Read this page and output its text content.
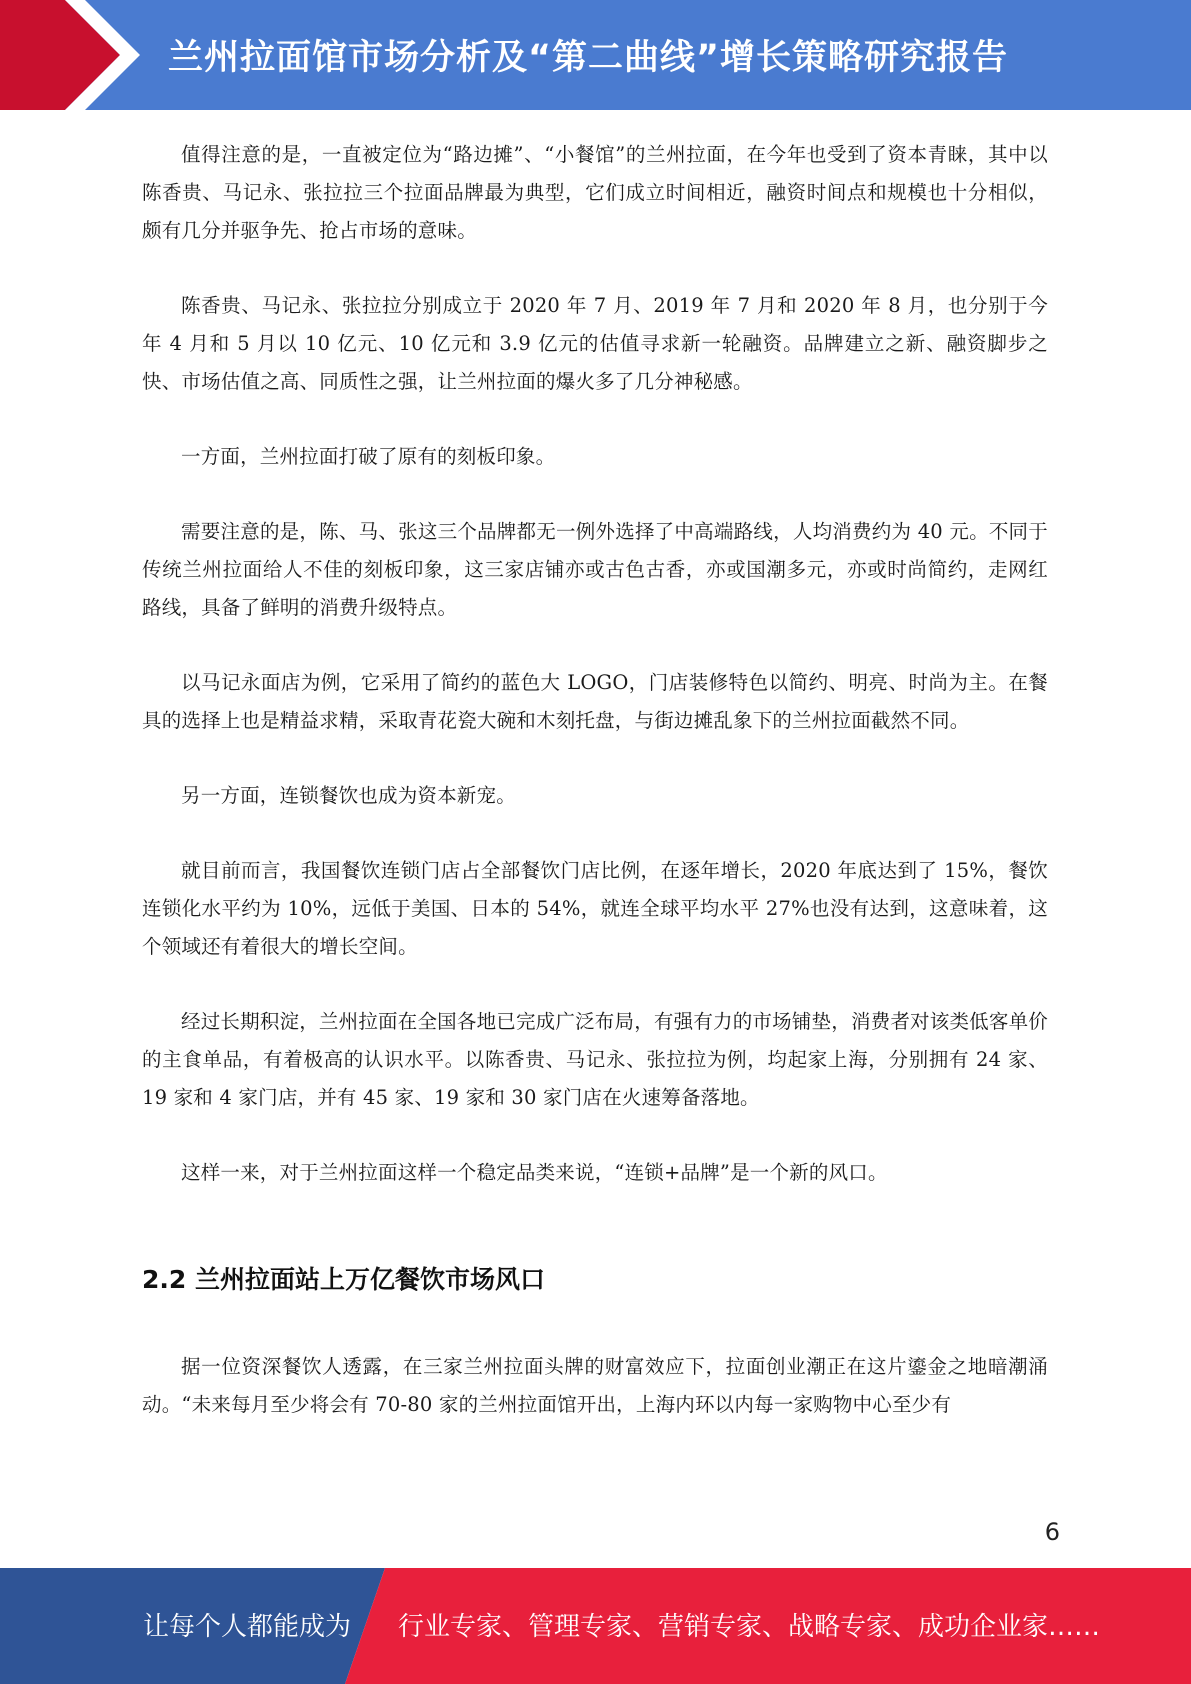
兰州拉面馆市场分析及“第二曲线”增长策略研究报告

值得注意的是，一直被定位为“路边摊”、“小餐馆”的兰州拉面，在今年也受到了资本青睐，其中以陈香贵、马记永、张拉拉三个拉面品牌最为典型，它们成立时间相近，融资时间点和规模也十分相似，颇有几分并驱争先、抢占市场的意味。

陈香贵、马记永、张拉拉分别成立于 2020 年 7 月、2019 年 7 月和 2020 年 8 月，也分别于今年 4 月和 5 月以 10 亿元、10 亿元和 3.9 亿元的估值寻求新一轮融资。品牌建立之新、融资脚步之快、市场估值之高、同质性之强，让兰州拉面的爆火多了几分神秘感。

一方面，兰州拉面打破了原有的刻板印象。

需要注意的是，陈、马、张这三个品牌都无一例外选择了中高端路线，人均消费约为 40 元。不同于传统兰州拉面给人不佳的刻板印象，这三家店铺亦或古色古香，亦或国潮多元，亦或时尚简约，走网红路线，具备了鲜明的消费升级特点。

以马记永面店为例，它采用了简约的蓝色大 LOGO，门店装修特色以简约、明亮、时尚为主。在餐具的选择上也是精益求精，采取青花瓷大碗和木刻托盘，与街边摊乱象下的兰州拉面截然不同。

另一方面，连锁餐饮也成为资本新宠。

就目前而言，我国餐饮连锁门店占全部餐饮门店比例，在逐年增长，2020 年底达到了 15%，餐饮连锁化水平约为 10%，远低于美国、日本的 54%，就连全球平均水平 27%也没有达到，这意味着，这个领域还有着很大的增长空间。

经过长期积淀，兰州拉面在全国各地已完成广泛布局，有强有力的市场铺垫，消费者对该类低客单价的主食单品，有着极高的认识水平。以陈香贵、马记永、张拉拉为例，均起家上海，分别拥有 24 家、19 家和 4 家门店，并有 45 家、19 家和 30 家门店在火速筹备落地。

这样一来，对于兰州拉面这样一个稳定品类来说，“连锁+品牌”是一个新的风口。

2.2 兰州拉面站上万亿餐饮市场风口

据一位资深餐饮人透露，在三家兰州拉面头牌的财富效应下，拉面创业潮正在这片鎏金之地暗潮涌动。“未来每月至少将会有 70-80 家的兰州拉面馆开出，上海内环以内每一家购物中心至少有

6
让每个人都能成为 行业专家、管理专家、营销专家、战略专家、成功企业家……
